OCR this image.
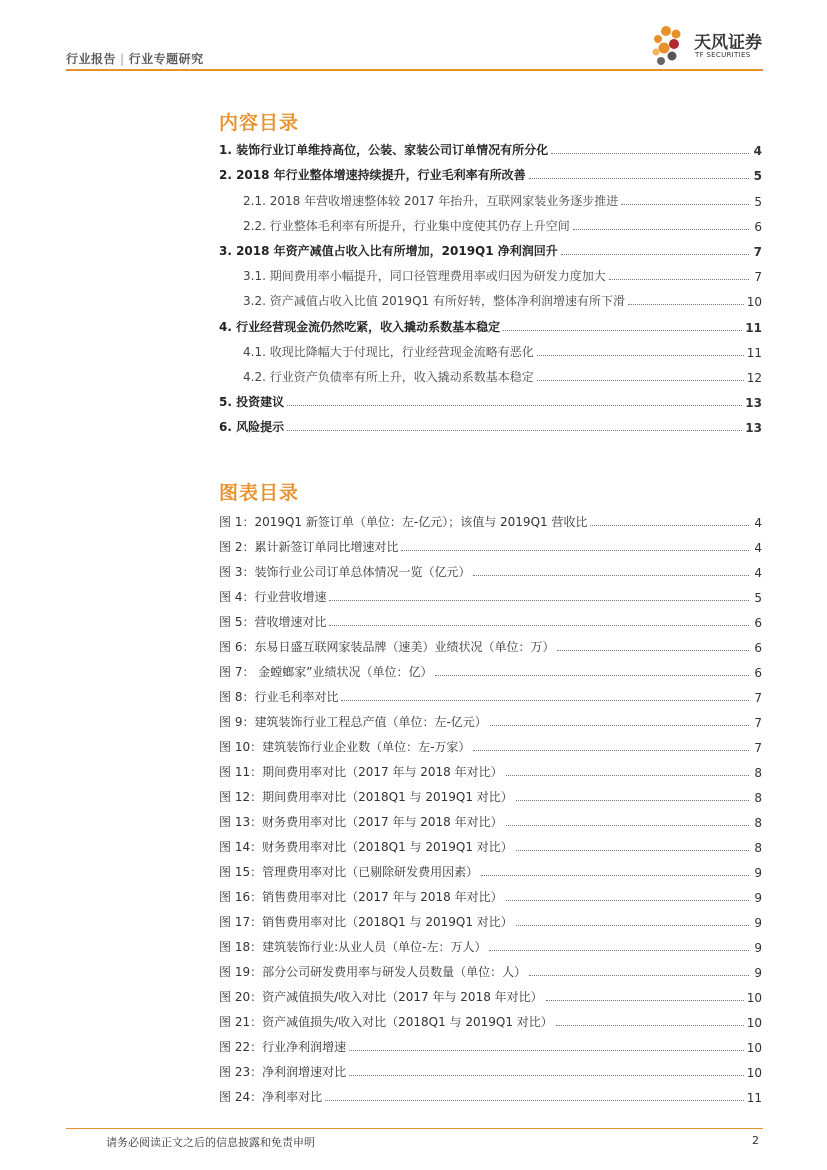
行业报告 | 行业专题研究
天风证券
TF SECURITIES
内容目录
1. 装饰行业订单维持高位，公装、家装公司订单情况有所分化	4
2. 2018 年行业整体增速持续提升，行业毛利率有所改善	5
2.1. 2018 年营收增速整体较 2017 年抬升，互联网家装业务逐步推进	5
2.2. 行业整体毛利率有所提升，行业集中度使其仍存上升空间	6
3. 2018 年资产减值占收入比有所增加，2019Q1 净利润回升	7
3.1. 期间费用率小幅提升，同口径管理费用率或归因为研发力度加大	7
3.2. 资产减值占收入比值 2019Q1 有所好转，整体净利润增速有所下滑	10
4. 行业经营现金流仍然吃紧，收入撬动系数基本稳定	11
4.1. 收现比降幅大于付现比，行业经营现金流略有恶化	11
4.2. 行业资产负债率有所上升，收入撬动系数基本稳定	12
5. 投资建议	13
6. 风险提示	13
图表目录
图 1：2019Q1 新签订单（单位：左-亿元）；该值与 2019Q1 营收比	4
图 2：累计新签订单同比增速对比	4
图 3：装饰行业公司订单总体情况一览（亿元）	4
图 4：行业营收增速	5
图 5：营收增速对比	6
图 6：东易日盛互联网家装品牌（速美）业绩状况（单位：万）	6
图 7： 金螳螂家”业绩状况（单位：亿）	6
图 8：行业毛利率对比	7
图 9：建筑装饰行业工程总产值（单位：左-亿元）	7
图 10：建筑装饰行业企业数（单位：左-万家）	7
图 11：期间费用率对比（2017 年与 2018 年对比）	8
图 12：期间费用率对比（2018Q1 与 2019Q1 对比）	8
图 13：财务费用率对比（2017 年与 2018 年对比）	8
图 14：财务费用率对比（2018Q1 与 2019Q1 对比）	8
图 15：管理费用率对比（已剔除研发费用因素）	9
图 16：销售费用率对比（2017 年与 2018 年对比）	9
图 17：销售费用率对比（2018Q1 与 2019Q1 对比）	9
图 18：建筑装饰行业:从业人员（单位-左：万人）	9
图 19：部分公司研发费用率与研发人员数量（单位：人）	9
图 20：资产减值损失/收入对比（2017 年与 2018 年对比）	10
图 21：资产减值损失/收入对比（2018Q1 与 2019Q1 对比）	10
图 22：行业净利润增速	10
图 23：净利润增速对比	10
图 24：净利率对比	11
请务必阅读正文之后的信息披露和免责申明	2
